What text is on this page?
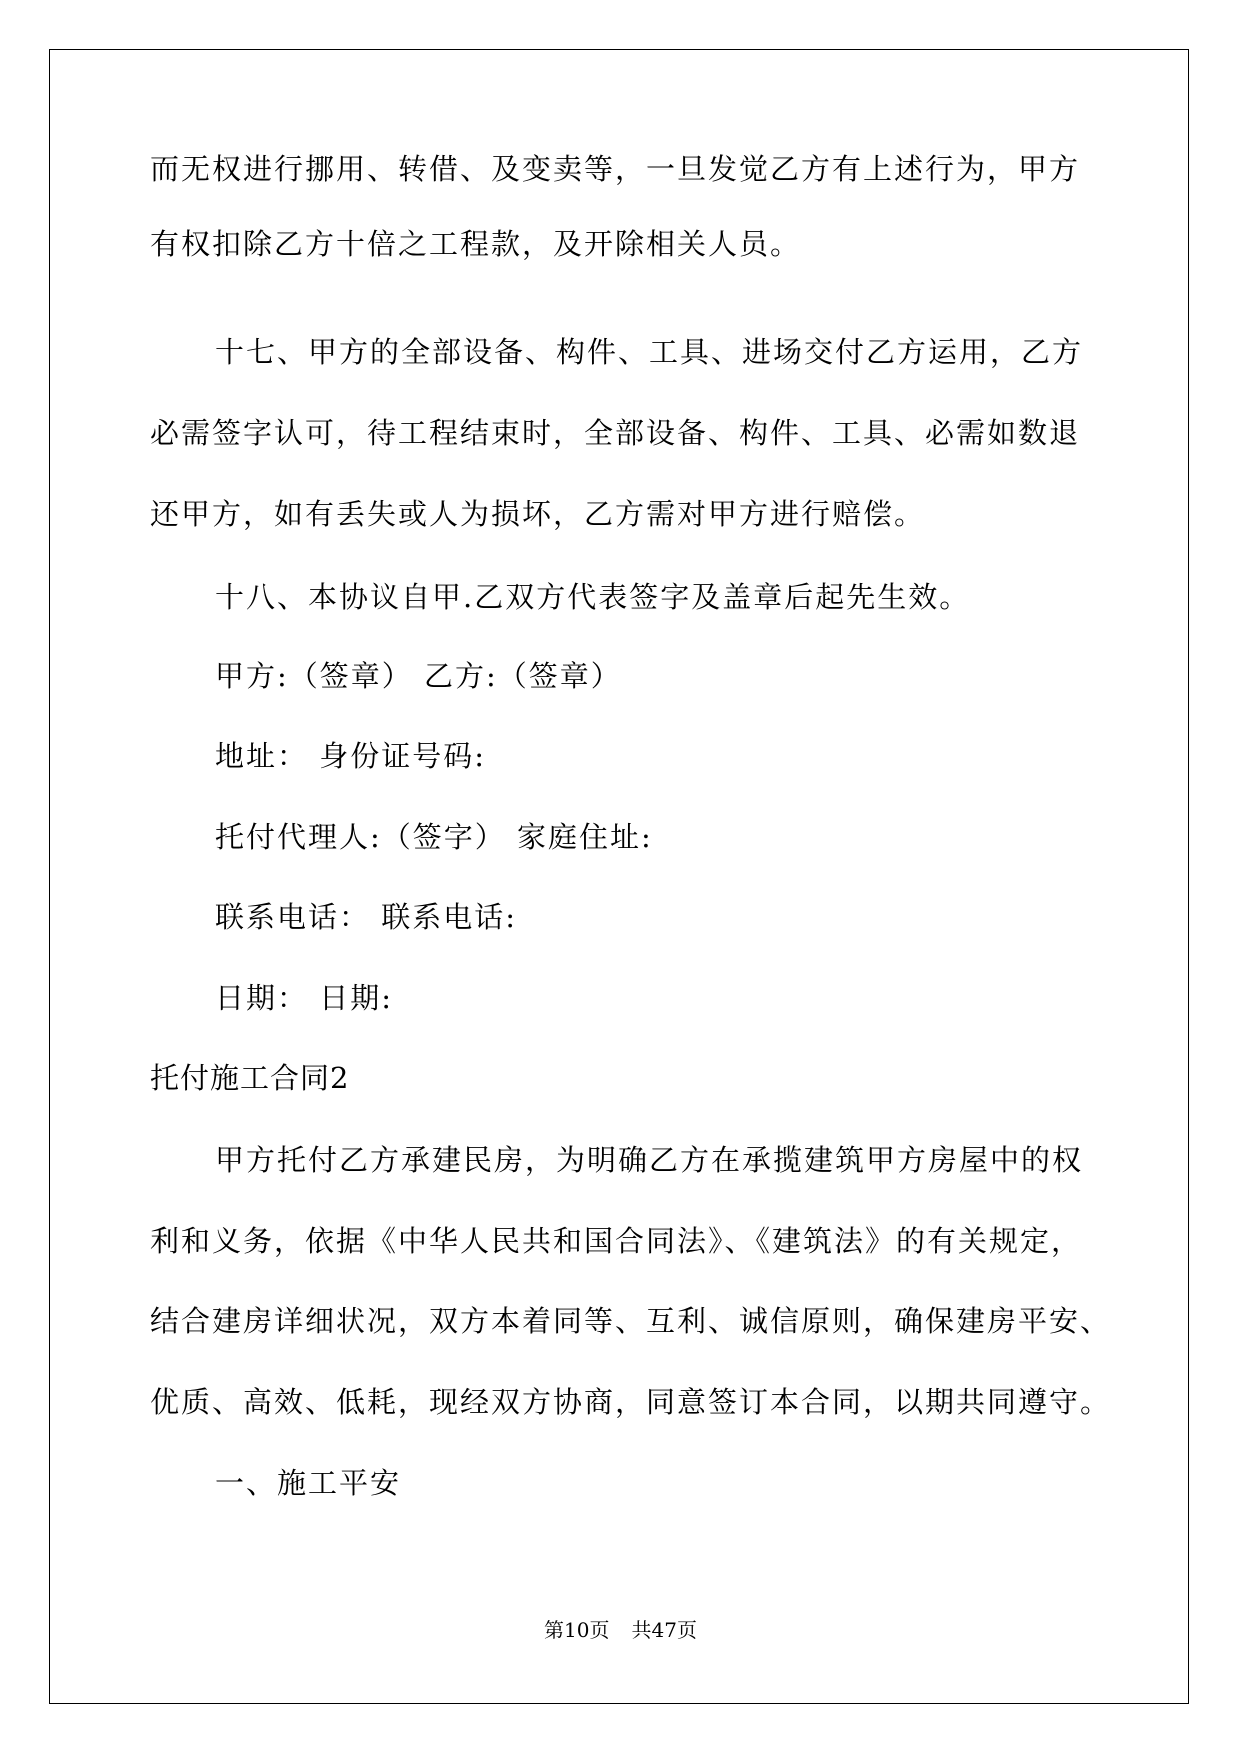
而无权进行挪用、转借、及变卖等，一旦发觉乙方有上述行为，甲方
有权扣除乙方十倍之工程款，及开除相关人员。
十七、甲方的全部设备、构件、工具、进场交付乙方运用，乙方
必需签字认可，待工程结束时，全部设备、构件、工具、必需如数退
还甲方，如有丢失或人为损坏，乙方需对甲方进行赔偿。
十八、本协议自甲.乙双方代表签字及盖章后起先生效。
甲方:（签章） 乙方:（签章）
地址： 身份证号码:
托付代理人:（签字） 家庭住址:
联系电话： 联系电话:
日期： 日期:
托付施工合同2
甲方托付乙方承建民房，为明确乙方在承揽建筑甲方房屋中的权
利和义务，依据《中华人民共和国合同法》、《建筑法》的有关规定，
结合建房详细状况，双方本着同等、互利、诚信原则，确保建房平安、
优质、高效、低耗，现经双方协商，同意签订本合同，以期共同遵守。
一、施工平安
第10页 共47页
